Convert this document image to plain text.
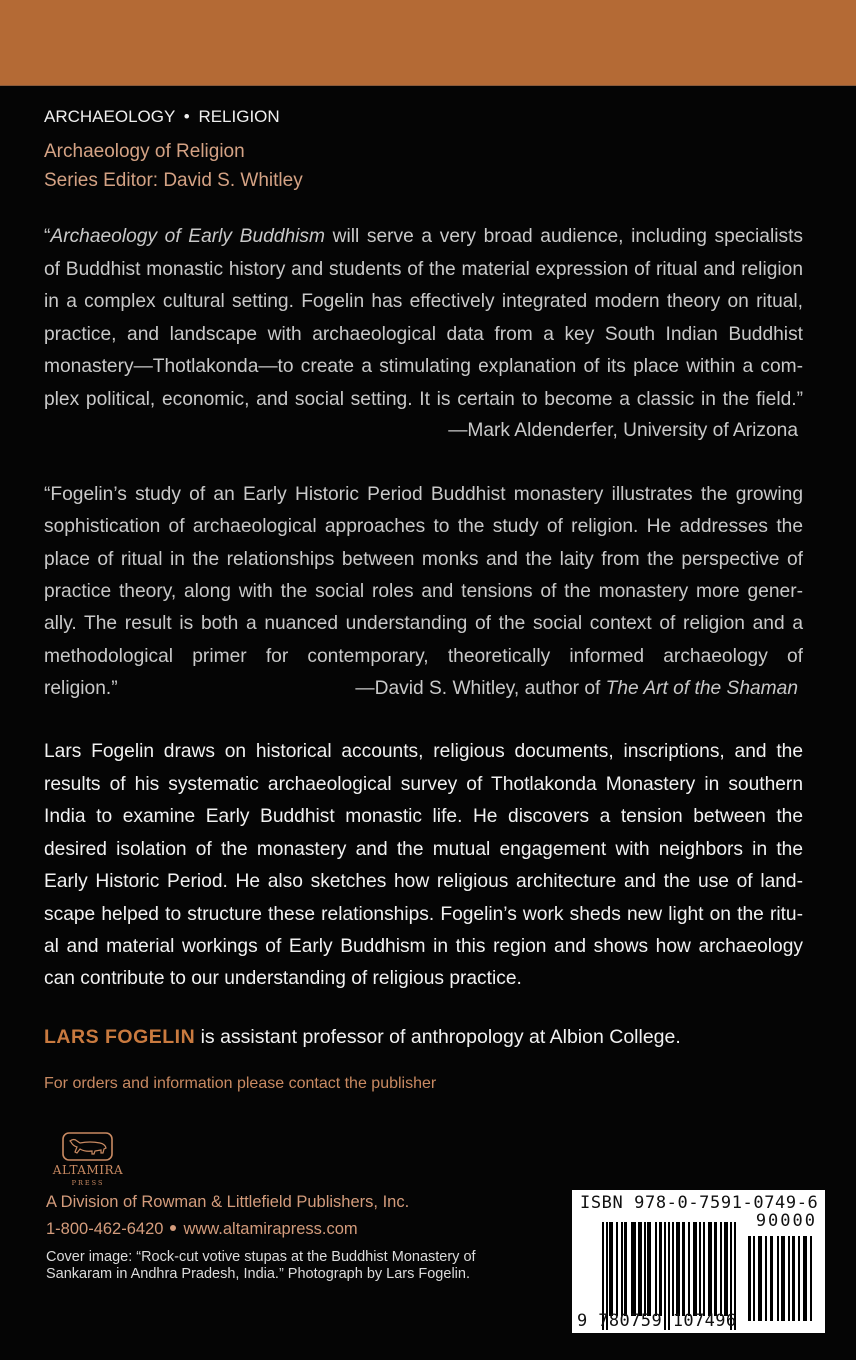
ARCHAEOLOGY • RELIGION
Archaeology of Religion
Series Editor: David S. Whitley
“Archaeology of Early Buddhism will serve a very broad audience, including specialists
of Buddhist monastic history and students of the material expression of ritual and religion
in a complex cultural setting. Fogelin has effectively integrated modern theory on ritual,
practice, and landscape with archaeological data from a key South Indian Buddhist
monastery—Thotlakonda—to create a stimulating explanation of its place within a com-
plex political, economic, and social setting. It is certain to become a classic in the field.”
—Mark Aldenderfer, University of Arizona
“Fogelin’s study of an Early Historic Period Buddhist monastery illustrates the growing
sophistication of archaeological approaches to the study of religion. He addresses the
place of ritual in the relationships between monks and the laity from the perspective of
practice theory, along with the social roles and tensions of the monastery more gener-
ally. The result is both a nuanced understanding of the social context of religion and a
methodological primer for contemporary, theoretically informed archaeology of
religion.”	—David S. Whitley, author of The Art of the Shaman
Lars Fogelin draws on historical accounts, religious documents, inscriptions, and the
results of his systematic archaeological survey of Thotlakonda Monastery in southern
India to examine Early Buddhist monastic life. He discovers a tension between the
desired isolation of the monastery and the mutual engagement with neighbors in the
Early Historic Period. He also sketches how religious architecture and the use of land-
scape helped to structure these relationships. Fogelin’s work sheds new light on the ritu-
al and material workings of Early Buddhism in this region and shows how archaeology
can contribute to our understanding of religious practice.
LARS FOGELIN is assistant professor of anthropology at Albion College.
For orders and information please contact the publisher
ALTAMIRA
PRESS
A Division of Rowman & Littlefield Publishers, Inc.
1-800-462-6420 www.altamirapress.com
Cover image: “Rock-cut votive stupas at the Buddhist Monastery of
Sankaram in Andhra Pradesh, India.” Photograph by Lars Fogelin.
ISBN 978-0-7591-0749-6
90000
9 780759 107496
